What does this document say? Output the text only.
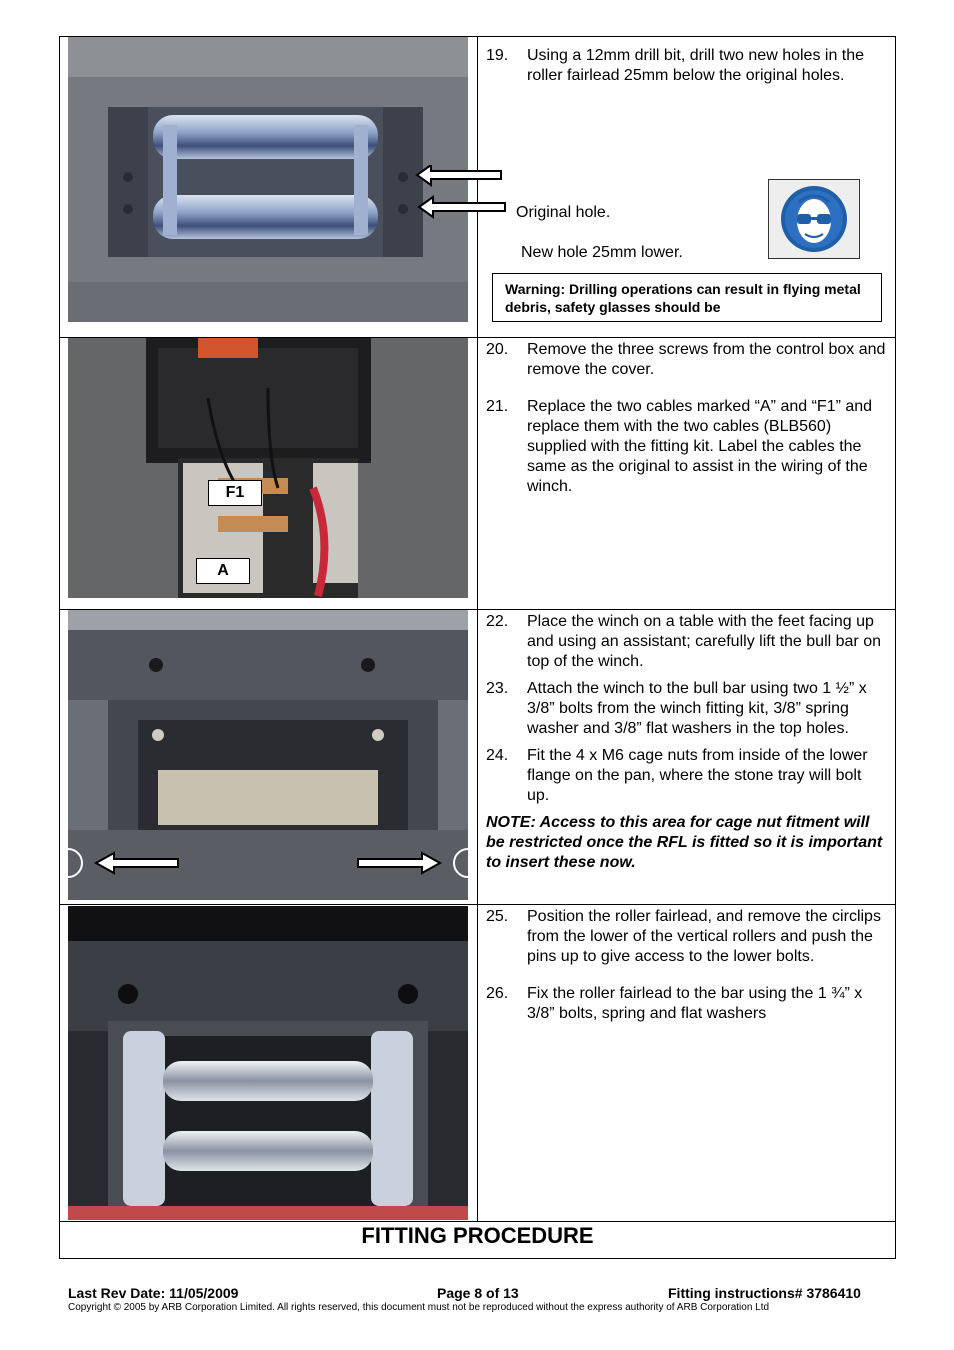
19.	Using a 12mm drill bit, drill two new holes in the roller fairlead 25mm below the original holes.
Original hole.
New hole 25mm lower.
Warning: Drilling operations can result in flying metal debris, safety glasses should be
F1
A
20.	Remove the three screws from the control box and remove the cover.
21.	Replace the two cables marked “A” and “F1” and replace them with the two cables (BLB560) supplied with the fitting kit. Label the cables the same as the original to assist in the wiring of the winch.
22.	Place the winch on a table with the feet facing up and using an assistant; carefully lift the bull bar on top of the winch.
23.	Attach the winch to the bull bar using two 1 ½” x 3/8” bolts from the winch fitting kit, 3/8” spring washer and 3/8” flat washers in the top holes.
24.	Fit the 4 x M6 cage nuts from inside of the lower flange on the pan, where the stone tray will bolt up.
NOTE: Access to this area for cage nut fitment will be restricted once the RFL is fitted so it is important to insert these now.
25.	Position the roller fairlead, and remove the circlips from the lower of the vertical rollers and push the pins up to give access to the lower bolts.
26.	Fix the roller fairlead to the bar using the 1 ¾” x 3/8” bolts, spring and flat washers
FITTING PROCEDURE
Last Rev Date: 11/05/2009	Page 8 of 13	Fitting instructions# 3786410
Copyright © 2005 by ARB Corporation Limited. All rights reserved, this document must not be reproduced without the express authority of ARB Corporation Ltd
